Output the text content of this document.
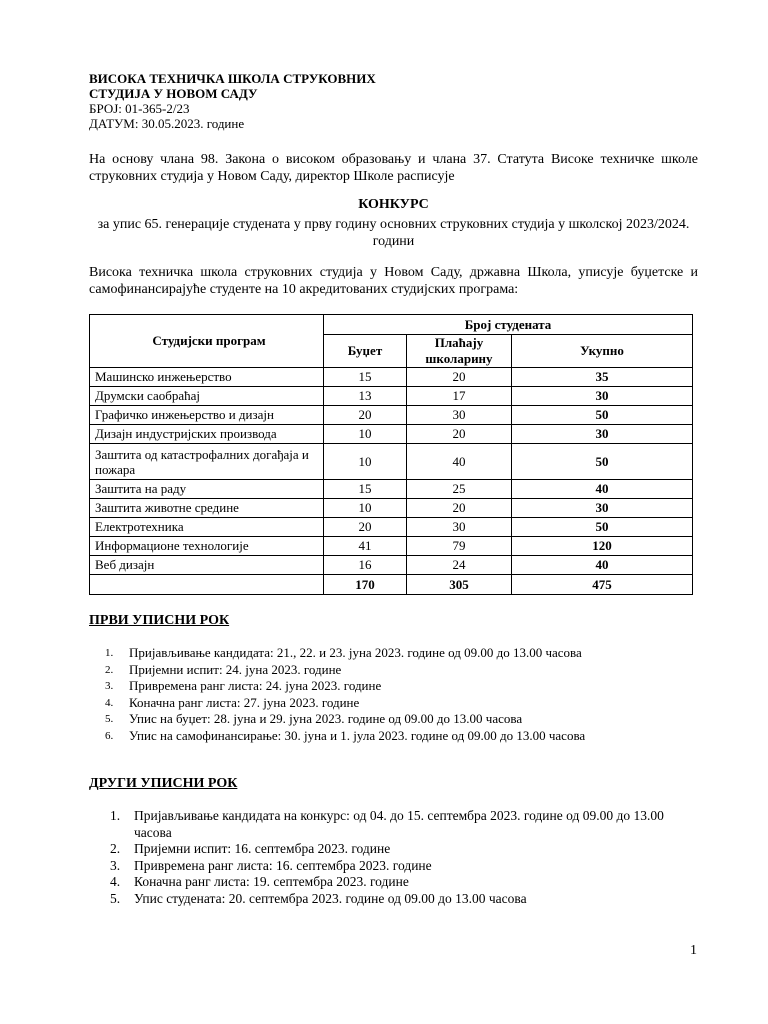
ВИСОКА ТЕХНИЧКА ШКОЛА СТРУКОВНИХ
СТУДИЈА У НОВОМ САДУ
БРОЈ: 01-365-2/23
ДАТУМ: 30.05.2023. године
На основу члана 98. Закона о високом образовању и члана 37. Статута Високе техничке школе струковних студија у Новом Саду, директор Школе расписује
КОНКУРС
за упис 65. генерације студената у прву годину основних струковних студија у школској 2023/2024. години
Висока техничка школа струковних студија у Новом Саду, државна Школа, уписује буџетске и самофинансирајуће студенте на 10 акредитованих студијских програма:
Студијски програм	Број студената		
	Буџет	Плаћају школарину	Укупно
Машинско инжењерство	15	20	35
Друмски саобраћај	13	17	30
Графичко инжењерство и дизајн	20	30	50
Дизајн индустријских производа	10	20	30
Заштита од катастрофалних догађаја и пожара	10	40	50
Заштита на раду	15	25	40
Заштита животне средине	10	20	30
Електротехника	20	30	50
Информационе технологије	41	79	120
Веб дизајн	16	24	40
	170	305	475
ПРВИ УПИСНИ РОК
1. Пријављивање кандидата: 21., 22. и 23. јуна 2023. године од 09.00 до 13.00 часова
2. Пријемни испит: 24. јуна 2023. године
3. Привремена ранг листа: 24. јуна 2023. године
4. Коначна ранг листа: 27. јуна 2023. године
5. Упис на буџет: 28. јуна и 29. јуна 2023. године од 09.00 до 13.00 часова
6. Упис на самофинансирање: 30. јуна и 1. јула 2023. године од 09.00 до 13.00 часова
ДРУГИ УПИСНИ РОК
1. Пријављивање кандидата на конкурс: од 04. до 15. септембра 2023. године од 09.00 до 13.00 часова
2. Пријемни испит: 16. септембра 2023. године
3. Привремена ранг листа: 16. септембра 2023. године
4. Коначна ранг листа: 19. септембра 2023. године
5. Упис студената: 20. септембра 2023. године од 09.00 до 13.00 часова
1
